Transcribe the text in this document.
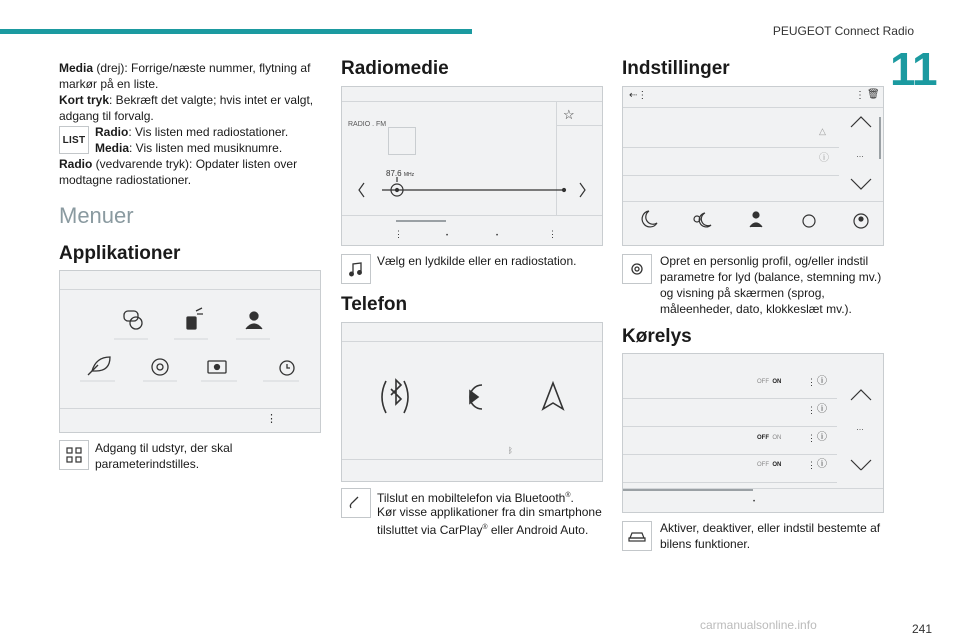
PEUGEOT Connect Radio
11
Media (drej): Forrige/næste nummer, flytning af markør på en liste.
Kort tryk: Bekræft det valgte; hvis intet er valgt, adgang til forvalg.
LIST
Radio: Vis listen med radiostationer.
Media: Vis listen med musiknumre.
Radio (vedvarende tryk): Opdater listen over modtagne radiostationer.
Menuer
Applikationer
⋮
Adgang til udstyr, der skal parameterindstilles.
Radiomedie
RADIO . FM
☆
87.6 MHz
⋮	•	•	⋮
Vælg en lydkilde eller en radiostation.
Telefon
ᛒ
Tilslut en mobiltelefon via Bluetooth®.
Kør visse applikationer fra din smartphone tilsluttet via CarPlay® eller Android Auto.
Indstillinger
⇠⋮	⋮ 🗑
△
ⓘ	…
Opret en personlig profil, og/eller indstil parametre for lyd (balance, stemning mv.) og visning på skærmen (sprog, måleenheder, dato, klokkeslæt mv.).
Kørelys
OFF ON
OFF ON
OFF ON
⋮ ⓘ
⋮ ⓘ
⋮ ⓘ
⋮ ⓘ
…
•
Aktiver, deaktiver, eller indstil bestemte af bilens funktioner.
carmanualsonline.info	241
